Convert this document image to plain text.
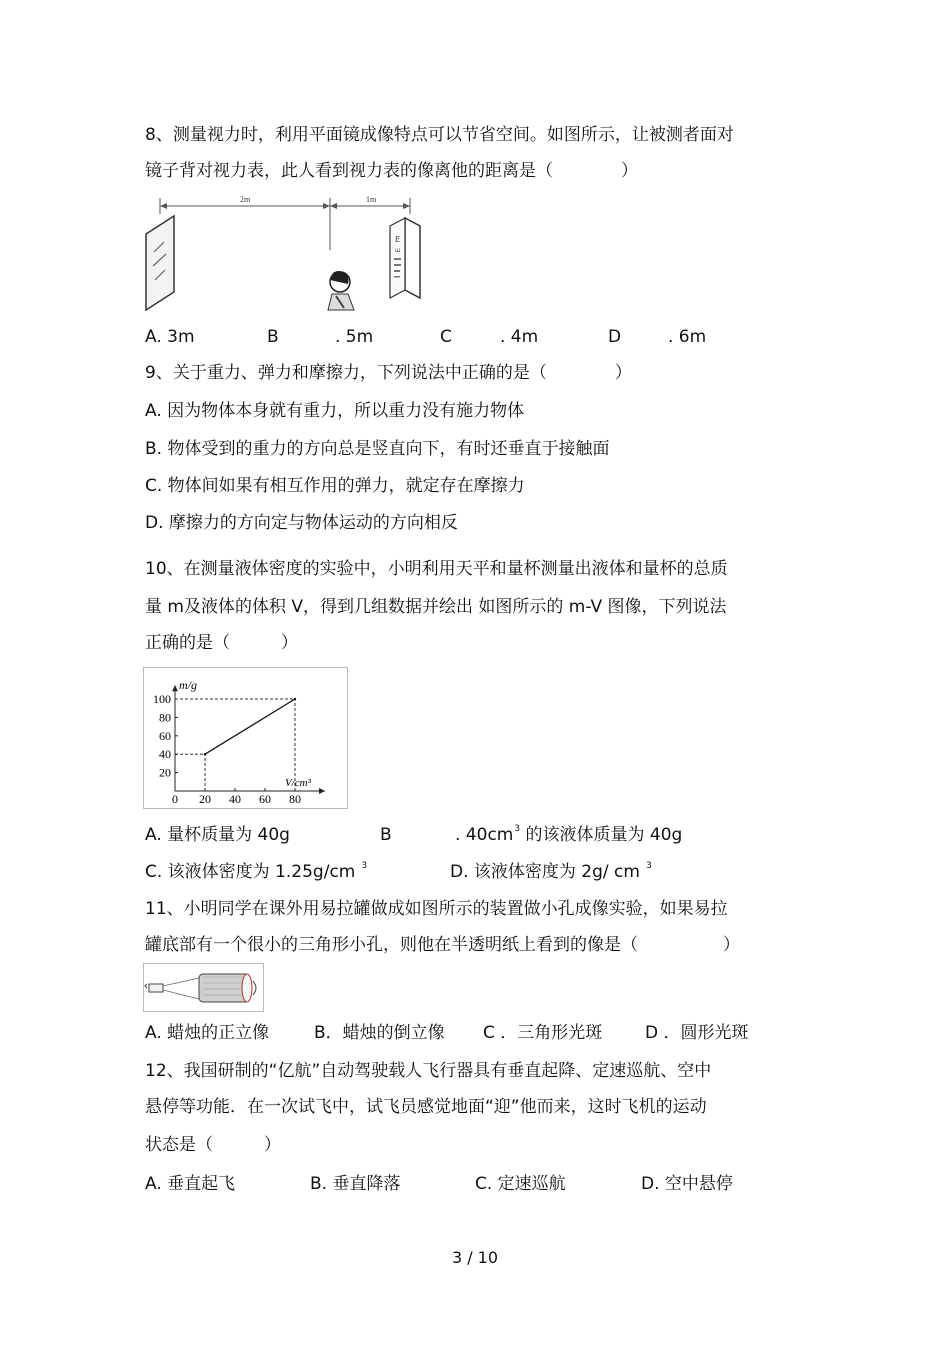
8、测量视力时，利用平面镜成像特点可以节省空间。如图所示，让被测者面对
镜子背对视力表，此人看到视力表的像离他的距离是（　　　　）
2m	1m
E
ш
A. 3m	B	. 5m	C	. 4m	D	. 6m
9、关于重力、弹力和摩擦力，下列说法中正确的是（　　　　）
A. 因为物体本身就有重力，所以重力没有施力物体
B. 物体受到的重力的方向总是竖直向下，有时还垂直于接触面
C. 物体间如果有相互作用的弹力，就定存在摩擦力
D. 摩擦力的方向定与物体运动的方向相反
10、在测量液体密度的实验中，小明利用天平和量杯测量出液体和量杯的总质
量 m及液体的体积 V，得到几组数据并绘出 如图所示的 m-V 图像，下列说法
正确的是（　　　）
m/g
V/cm³
0 20 40 60 80
20
40
60
80
100
A. 量杯质量为 40g	B	. $40cm^3$ 的该液体质量为 40g
C. 该液体密度为 1.25g/cm $^3$	D. 该液体密度为 2g/ cm $^3$
11、小明同学在课外用易拉罐做成如图所示的装置做小孔成像实验，如果易拉
罐底部有一个很小的三角形小孔，则他在半透明纸上看到的像是（　　　　　）
A. 蜡烛的正立像	B．蜡烛的倒立像 C ．三角形光斑	D ．圆形光斑
12、我国研制的“亿航”自动驾驶载人飞行器具有垂直起降、定速巡航、空中
悬停等功能．在一次试飞中，试飞员感觉地面“迎”他而来，这时飞机的运动
状态是（　　　）
A. 垂直起飞	B. 垂直降落	C. 定速巡航	D. 空中悬停
3 / 10
